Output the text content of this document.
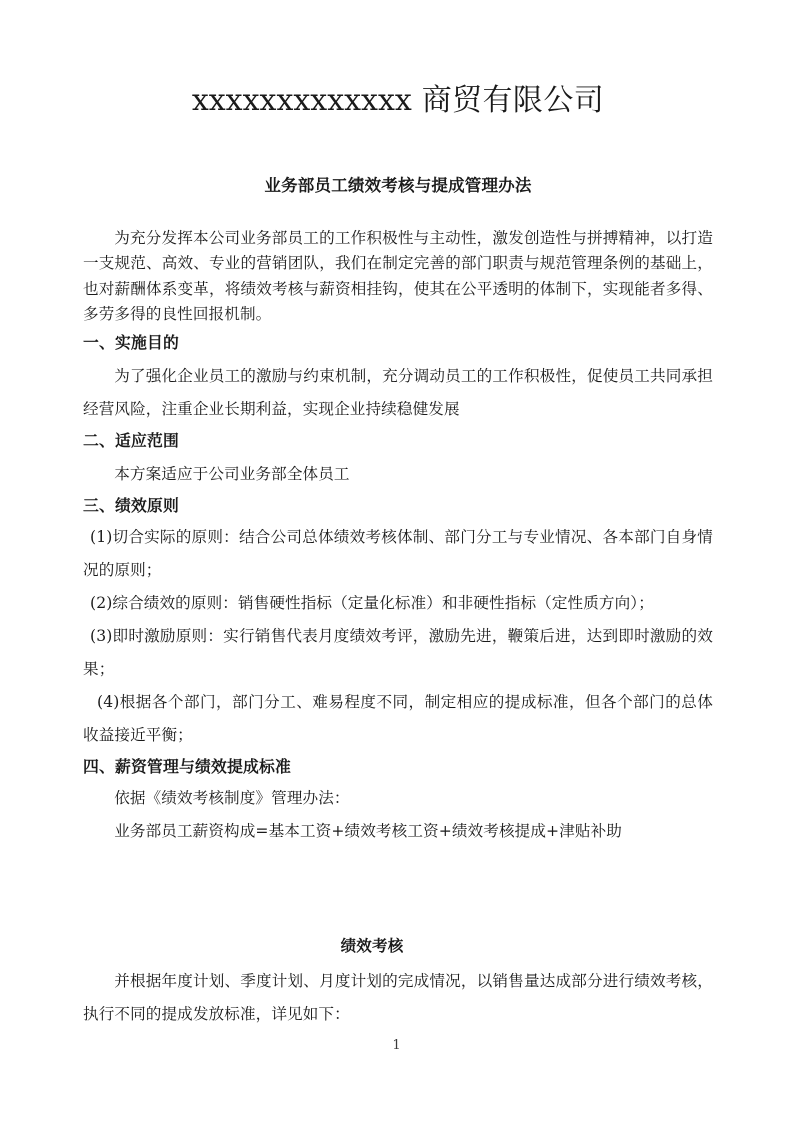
xxxxxxxxxxxxx 商贸有限公司
业务部员工绩效考核与提成管理办法

为充分发挥本公司业务部员工的工作积极性与主动性，激发创造性与拼搏精神，以打造一支规范、高效、专业的营销团队，我们在制定完善的部门职责与规范管理条例的基础上，也对薪酬体系变革，将绩效考核与薪资相挂钩，使其在公平透明的体制下，实现能者多得、多劳多得的良性回报机制。

一、实施目的

为了强化企业员工的激励与约束机制，充分调动员工的工作积极性，促使员工共同承担经营风险，注重企业长期利益，实现企业持续稳健发展

二、适应范围

本方案适应于公司业务部全体员工

三、绩效原则

(1)切合实际的原则：结合公司总体绩效考核体制、部门分工与专业情况、各本部门自身情况的原则；

(2)综合绩效的原则：销售硬性指标（定量化标准）和非硬性指标（定性质方向）；

(3)即时激励原则：实行销售代表月度绩效考评，激励先进，鞭策后进，达到即时激励的效果；

(4)根据各个部门，部门分工、难易程度不同，制定相应的提成标准，但各个部门的总体收益接近平衡；

四、薪资管理与绩效提成标准

依据《绩效考核制度》管理办法：

业务部员工薪资构成=基本工资+绩效考核工资+绩效考核提成+津贴补助

绩效考核

并根据年度计划、季度计划、月度计划的完成情况，以销售量达成部分进行绩效考核，执行不同的提成发放标准，详见如下：

1
